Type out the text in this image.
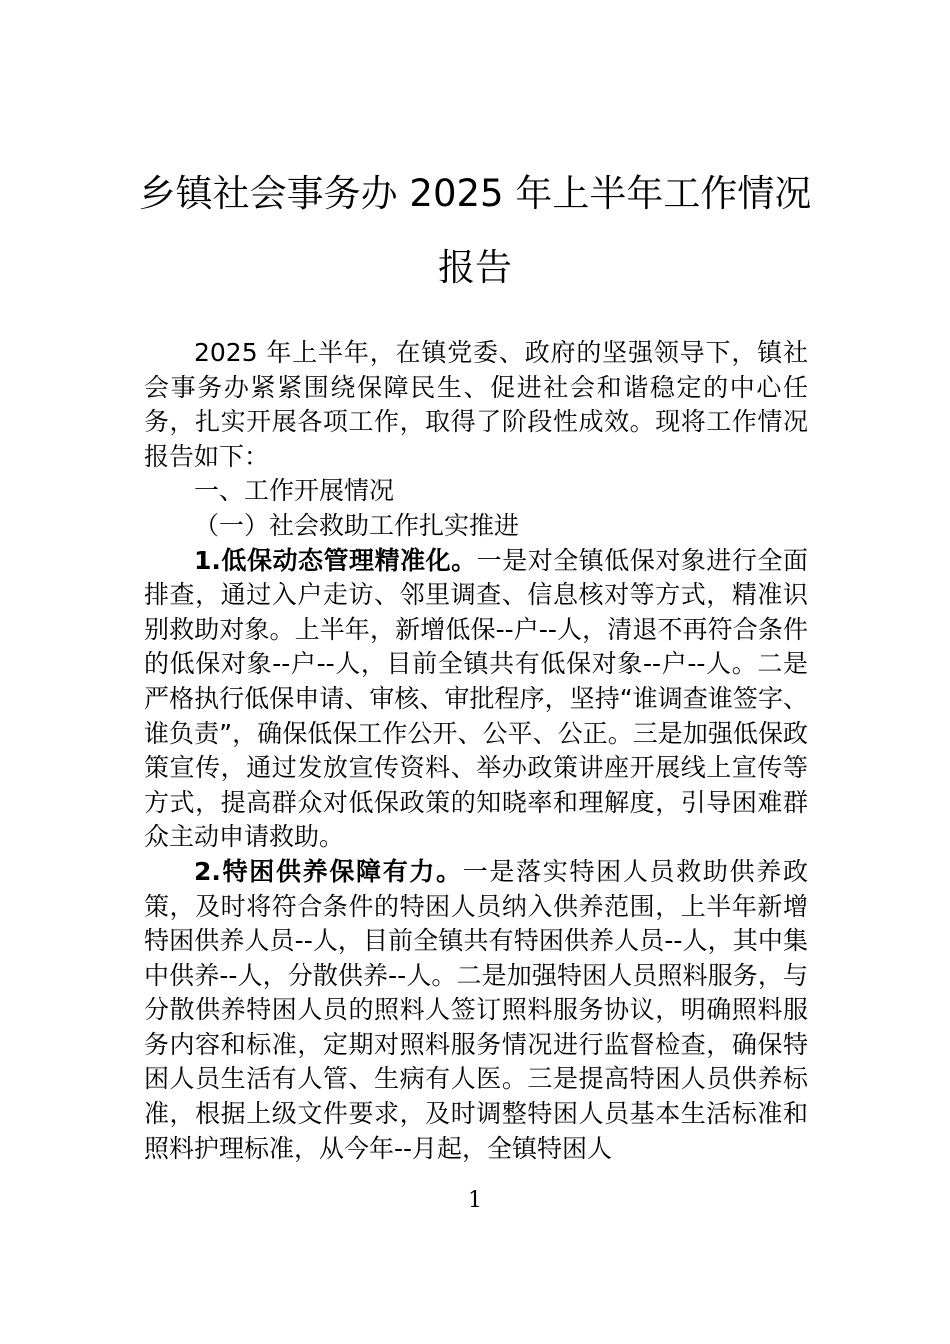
乡镇社会事务办 2025 年上半年工作情况报告

2025 年上半年，在镇党委、政府的坚强领导下，镇社会事务办紧紧围绕保障民生、促进社会和谐稳定的中心任务，扎实开展各项工作，取得了阶段性成效。现将工作情况报告如下：

一、工作开展情况

（一）社会救助工作扎实推进

1.低保动态管理精准化。一是对全镇低保对象进行全面排查，通过入户走访、邻里调查、信息核对等方式，精准识别救助对象。上半年，新增低保--户--人，清退不再符合条件的低保对象--户--人，目前全镇共有低保对象--户--人。二是严格执行低保申请、审核、审批程序，坚持“谁调查谁签字、谁负责”，确保低保工作公开、公平、公正。三是加强低保政策宣传，通过发放宣传资料、举办政策讲座开展线上宣传等方式，提高群众对低保政策的知晓率和理解度，引导困难群众主动申请救助。

2.特困供养保障有力。一是落实特困人员救助供养政策，及时将符合条件的特困人员纳入供养范围，上半年新增特困供养人员--人，目前全镇共有特困供养人员--人，其中集中供养--人，分散供养--人。二是加强特困人员照料服务，与分散供养特困人员的照料人签订照料服务协议，明确照料服务内容和标准，定期对照料服务情况进行监督检查，确保特困人员生活有人管、生病有人医。三是提高特困人员供养标准，根据上级文件要求，及时调整特困人员基本生活标准和照料护理标准，从今年--月起，全镇特困人

1
